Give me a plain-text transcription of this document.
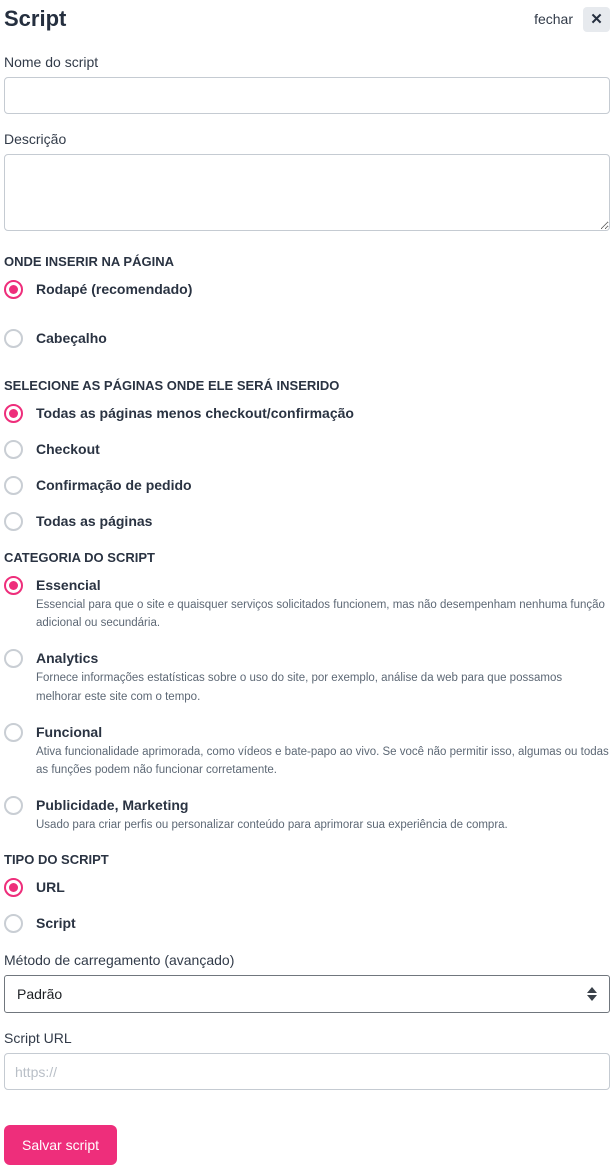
Script	fechar ✕
Nome do script
Descrição
ONDE INSERIR NA PÁGINA
Rodapé (recomendado)
Cabeçalho
SELECIONE AS PÁGINAS ONDE ELE SERÁ INSERIDO
Todas as páginas menos checkout/confirmação
Checkout
Confirmação de pedido
Todas as páginas
CATEGORIA DO SCRIPT
Essencial
Essencial para que o site e quaisquer serviços solicitados funcionem, mas não desempenham nenhuma função adicional ou secundária.
Analytics
Fornece informações estatísticas sobre o uso do site, por exemplo, análise da web para que possamos melhorar este site com o tempo.
Funcional
Ativa funcionalidade aprimorada, como vídeos e bate-papo ao vivo. Se você não permitir isso, algumas ou todas as funções podem não funcionar corretamente.
Publicidade, Marketing
Usado para criar perfis ou personalizar conteúdo para aprimorar sua experiência de compra.
TIPO DO SCRIPT
URL
Script
Método de carregamento (avançado)
Padrão
Script URL
https://
Salvar script
